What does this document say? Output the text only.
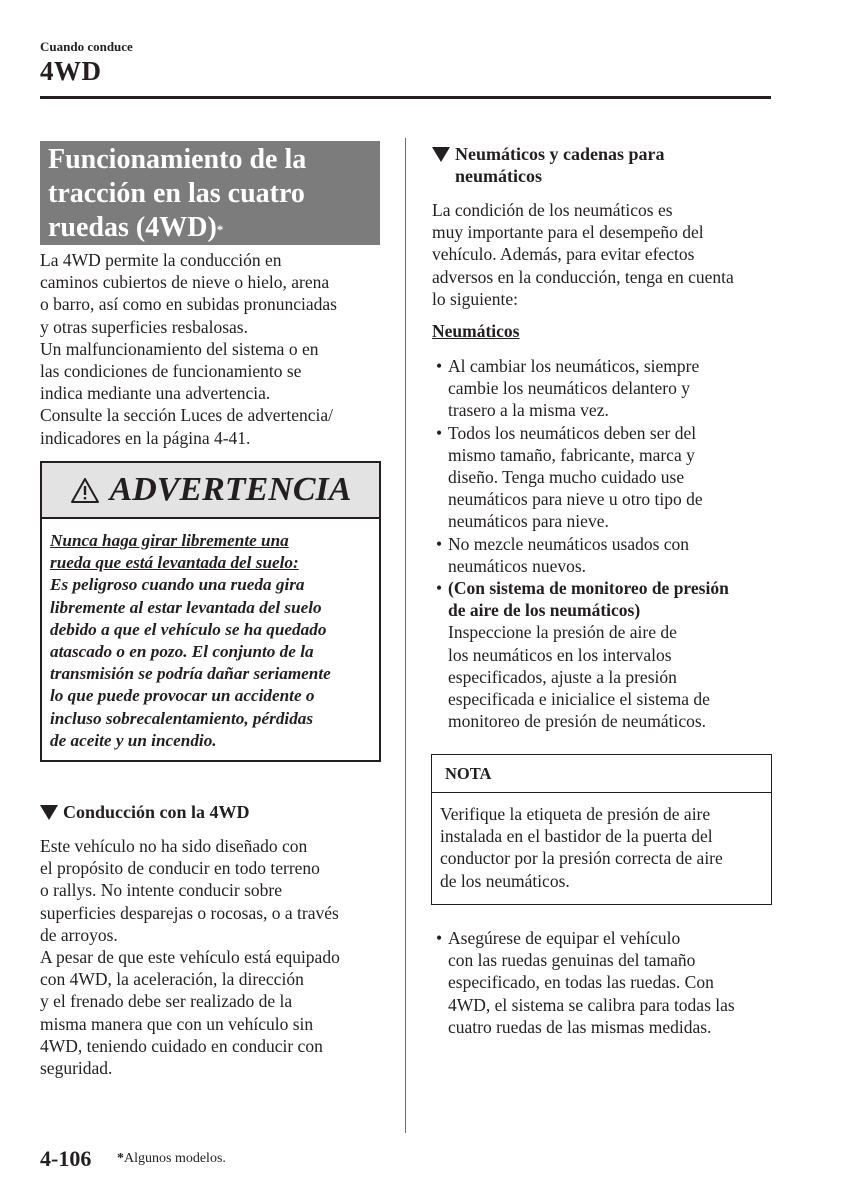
Cuando conduce
4WD
Funcionamiento de la
tracción en las cuatro
ruedas (4WD)*

La 4WD permite la conducción en

caminos cubiertos de nieve o hielo, arena

o barro, así como en subidas pronunciadas

y otras superficies resbalosas.

Un malfuncionamiento del sistema o en

las condiciones de funcionamiento se

indica mediante una advertencia.

Consulte la sección Luces de advertencia/

indicadores en la página 4-41.

ADVERTENCIA
Nunca haga girar libremente una
rueda que está levantada del suelo:
Es peligroso cuando una rueda gira
libremente al estar levantada del suelo
debido a que el vehículo se ha quedado
atascado o en pozo. El conjunto de la
transmisión se podría dañar seriamente
lo que puede provocar un accidente o
incluso sobrecalentamiento, pérdidas
de aceite y un incendio.
Conducción con la 4WD

Este vehículo no ha sido diseñado con

el propósito de conducir en todo terreno

o rallys. No intente conducir sobre

superficies desparejas o rocosas, o a través

de arroyos.

A pesar de que este vehículo está equipado

con 4WD, la aceleración, la dirección

y el frenado debe ser realizado de la

misma manera que con un vehículo sin

4WD, teniendo cuidado en conducir con

seguridad.

Neumáticos y cadenas para
neumáticos

La condición de los neumáticos es

muy importante para el desempeño del

vehículo. Además, para evitar efectos

adversos en la conducción, tenga en cuenta

lo siguiente:

Neumáticos
• Al cambiar los neumáticos, siempre
cambie los neumáticos delantero y
trasero a la misma vez.
• Todos los neumáticos deben ser del
mismo tamaño, fabricante, marca y
diseño. Tenga mucho cuidado use
neumáticos para nieve u otro tipo de
neumáticos para nieve.
• No mezcle neumáticos usados con
neumáticos nuevos.
• (Con sistema de monitoreo de presión
de aire de los neumáticos)
Inspeccione la presión de aire de
los neumáticos en los intervalos
especificados, ajuste a la presión
especificada e inicialice el sistema de
monitoreo de presión de neumáticos.
NOTA
Verifique la etiqueta de presión de aire
instalada en el bastidor de la puerta del
conductor por la presión correcta de aire
de los neumáticos.
• Asegúrese de equipar el vehículo
con las ruedas genuinas del tamaño
especificado, en todas las ruedas. Con
4WD, el sistema se calibra para todas las
cuatro ruedas de las mismas medidas.
4-106 *Algunos modelos.
